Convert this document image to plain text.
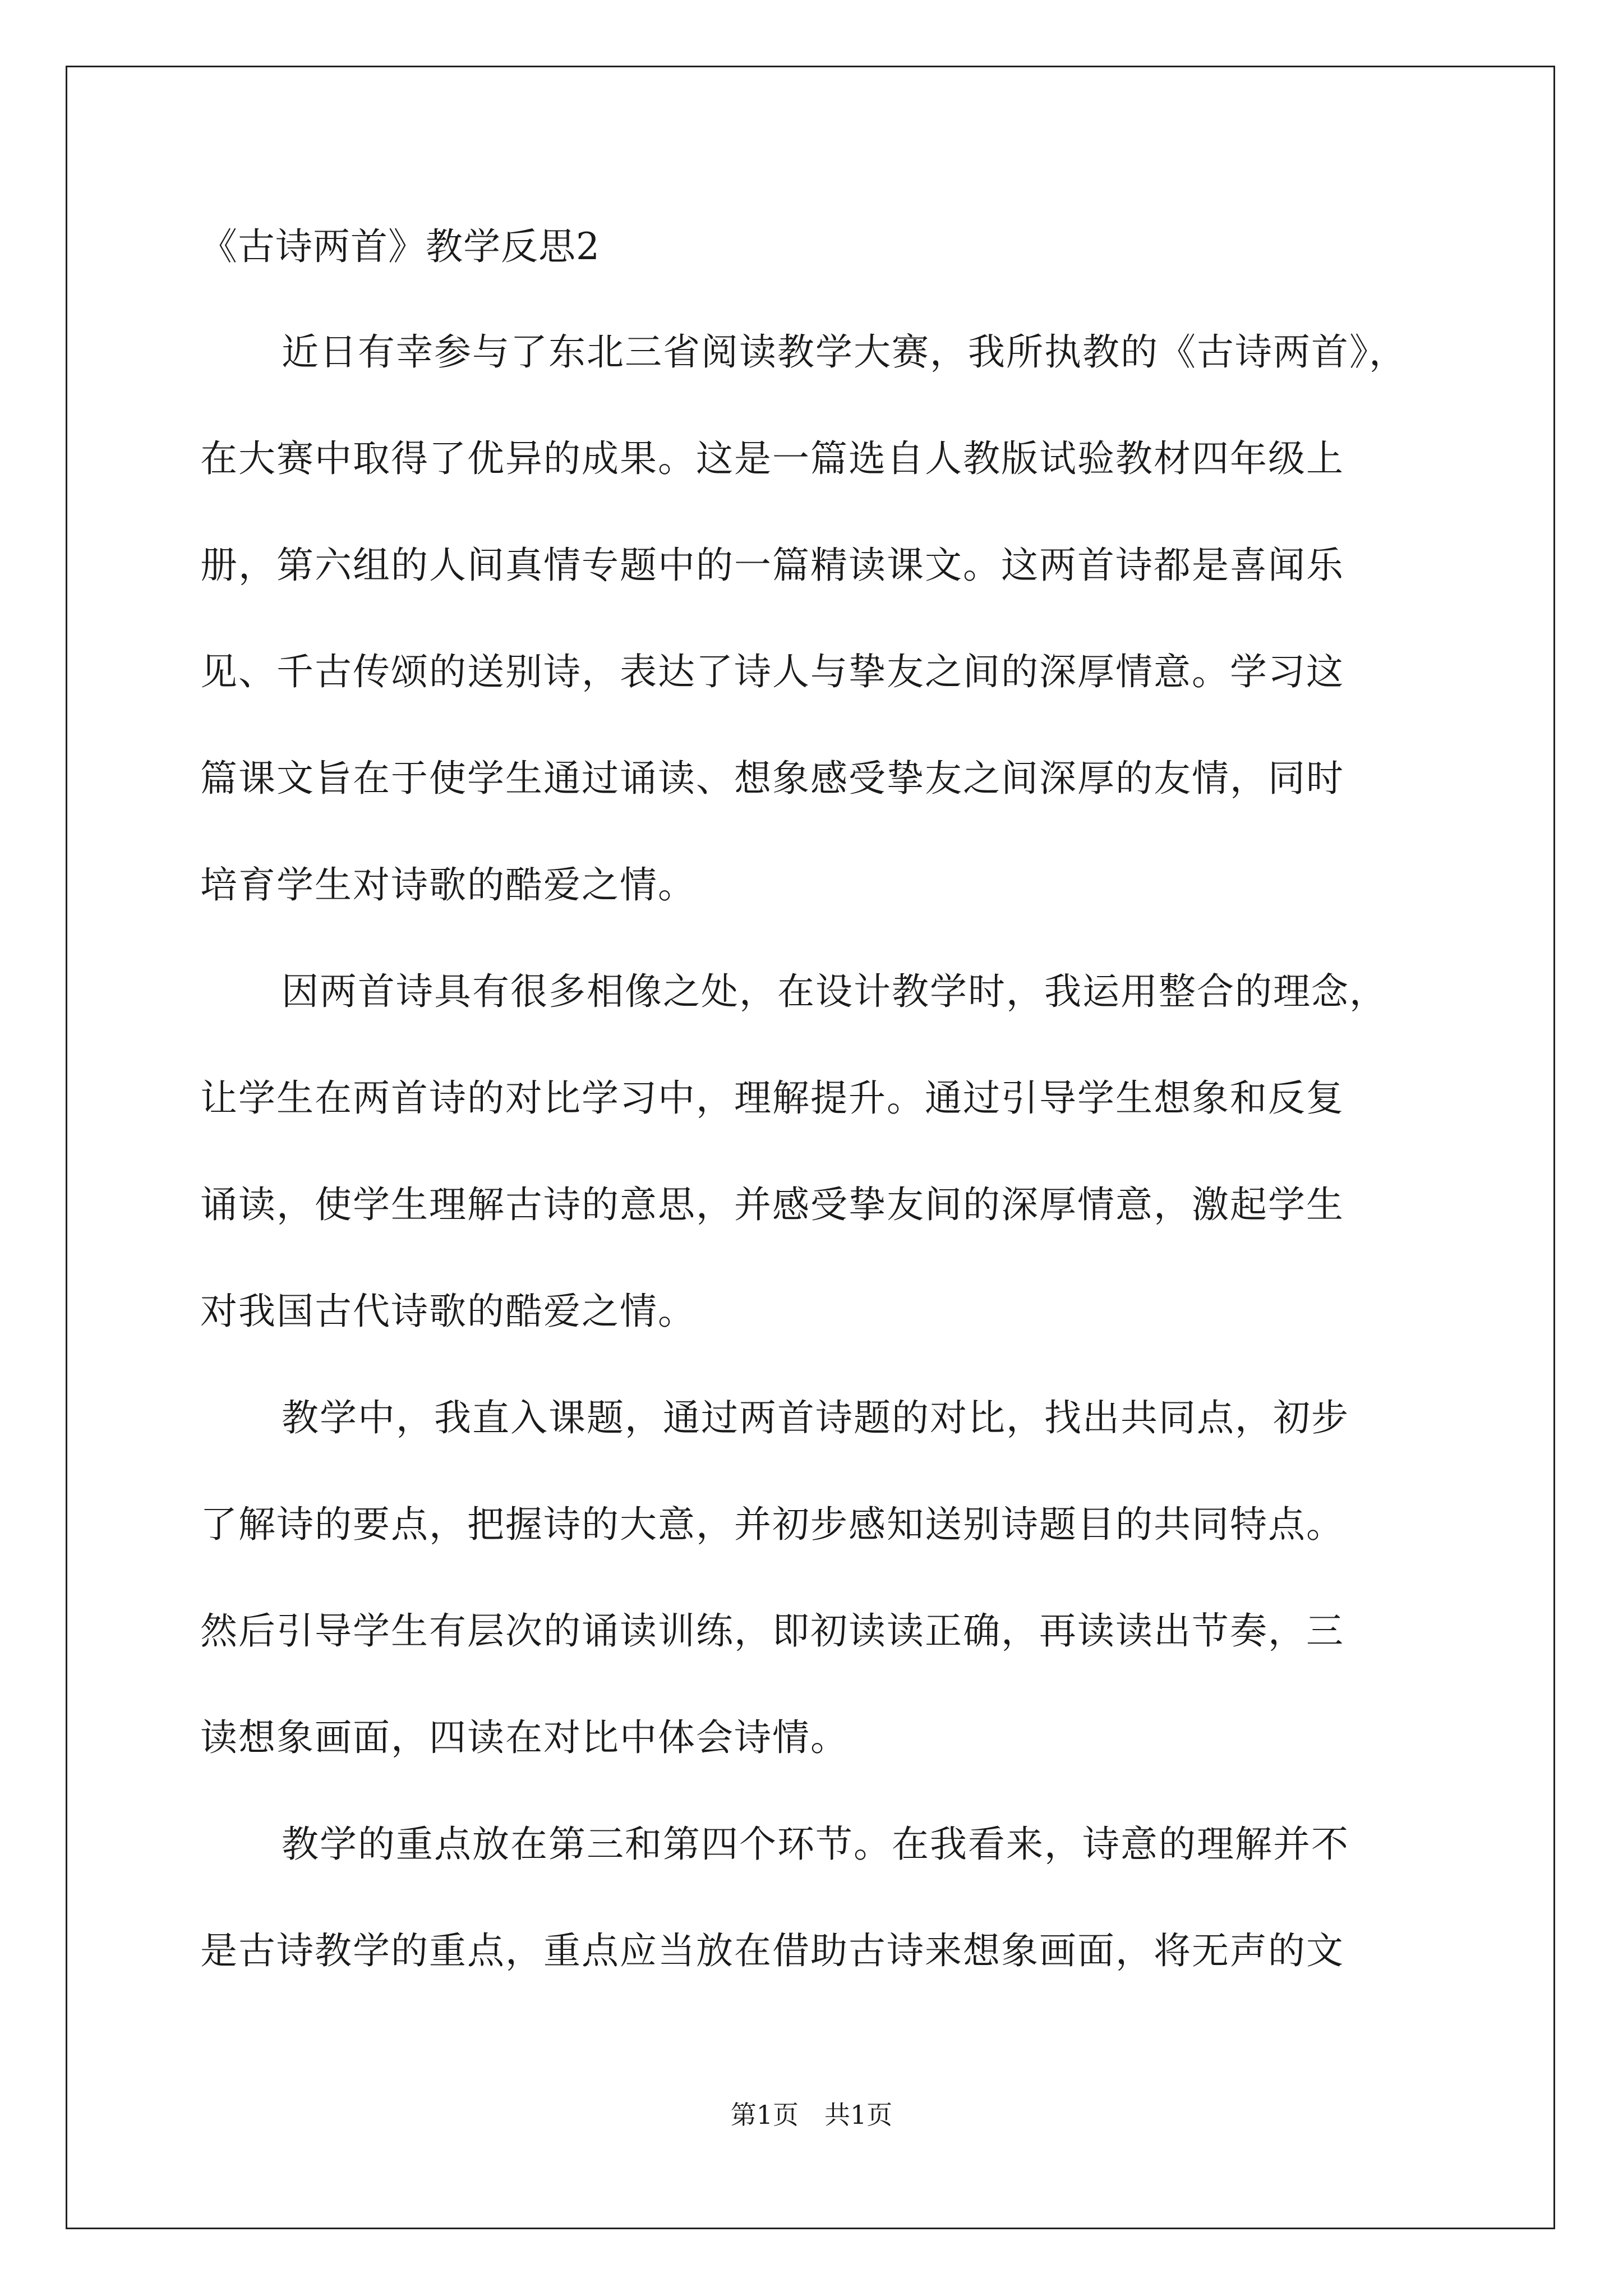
《古诗两首》教学反思2
近日有幸参与了东北三省阅读教学大赛，我所执教的《古诗两首》，
在大赛中取得了优异的成果。这是一篇选自人教版试验教材四年级上
册，第六组的人间真情专题中的一篇精读课文。这两首诗都是喜闻乐
见、千古传颂的送别诗，表达了诗人与挚友之间的深厚情意。学习这
篇课文旨在于使学生通过诵读、想象感受挚友之间深厚的友情，同时
培育学生对诗歌的酷爱之情。
因两首诗具有很多相像之处，在设计教学时，我运用整合的理念，
让学生在两首诗的对比学习中，理解提升。通过引导学生想象和反复
诵读，使学生理解古诗的意思，并感受挚友间的深厚情意，激起学生
对我国古代诗歌的酷爱之情。
教学中，我直入课题，通过两首诗题的对比，找出共同点，初步
了解诗的要点，把握诗的大意，并初步感知送别诗题目的共同特点。
然后引导学生有层次的诵读训练，即初读读正确，再读读出节奏，三
读想象画面，四读在对比中体会诗情。
教学的重点放在第三和第四个环节。在我看来，诗意的理解并不
是古诗教学的重点，重点应当放在借助古诗来想象画面，将无声的文
第1页　共1页
